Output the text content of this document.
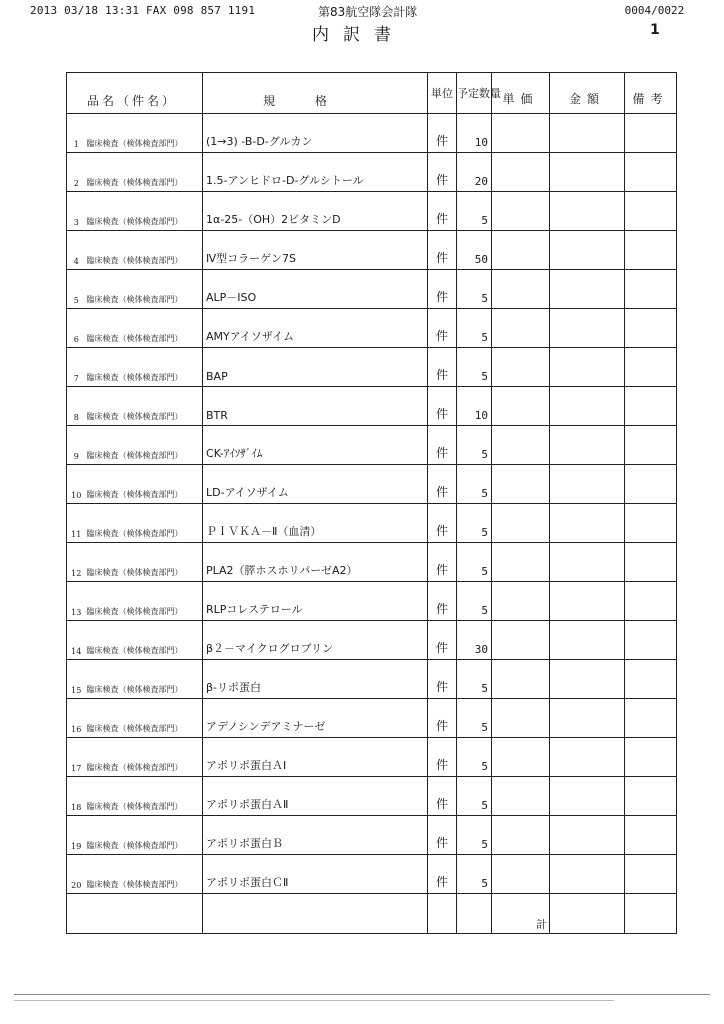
2013 03/18 13:31 FAX 098 857 1191	第83航空隊会計隊	0004/0022
内訳書	1
品名（件名）		規格	単位	予定数量	単価	金額	備考
1	臨床検査（検体検査部門）	(1→3) -B-D-グルカン	件	10			
2	臨床検査（検体検査部門）	1.5-アンヒドロ-D-グルシトール	件	20			
3	臨床検査（検体検査部門）	1α-25-（OH）2ビタミンD	件	5			
4	臨床検査（検体検査部門）	Ⅳ型コラーゲン7S	件	50			
5	臨床検査（検体検査部門）	ALP－ISO	件	5			
6	臨床検査（検体検査部門）	AMYアイソザイム	件	5			
7	臨床検査（検体検査部門）	BAP	件	5			
8	臨床検査（検体検査部門）	BTR	件	10			
9	臨床検査（検体検査部門）	CK-ｱｲｿｻﾞｲﾑ	件	5			
10	臨床検査（検体検査部門）	LD-アイソザイム	件	5			
11	臨床検査（検体検査部門）	ＰＩＶＫＡ－Ⅱ（血清）	件	5			
12	臨床検査（検体検査部門）	PLA2（膵ホスホリパーゼA2）	件	5			
13	臨床検査（検体検査部門）	RLPコレステロール	件	5			
14	臨床検査（検体検査部門）	β２－マイクログロブリン	件	30			
15	臨床検査（検体検査部門）	β-リポ蛋白	件	5			
16	臨床検査（検体検査部門）	アデノシンデアミナーゼ	件	5			
17	臨床検査（検体検査部門）	アポリポ蛋白ＡⅠ	件	5			
18	臨床検査（検体検査部門）	アポリポ蛋白ＡⅡ	件	5			
19	臨床検査（検体検査部門）	アポリポ蛋白Ｂ	件	5			
20	臨床検査（検体検査部門）	アポリポ蛋白ＣⅡ	件	5			
					計		
